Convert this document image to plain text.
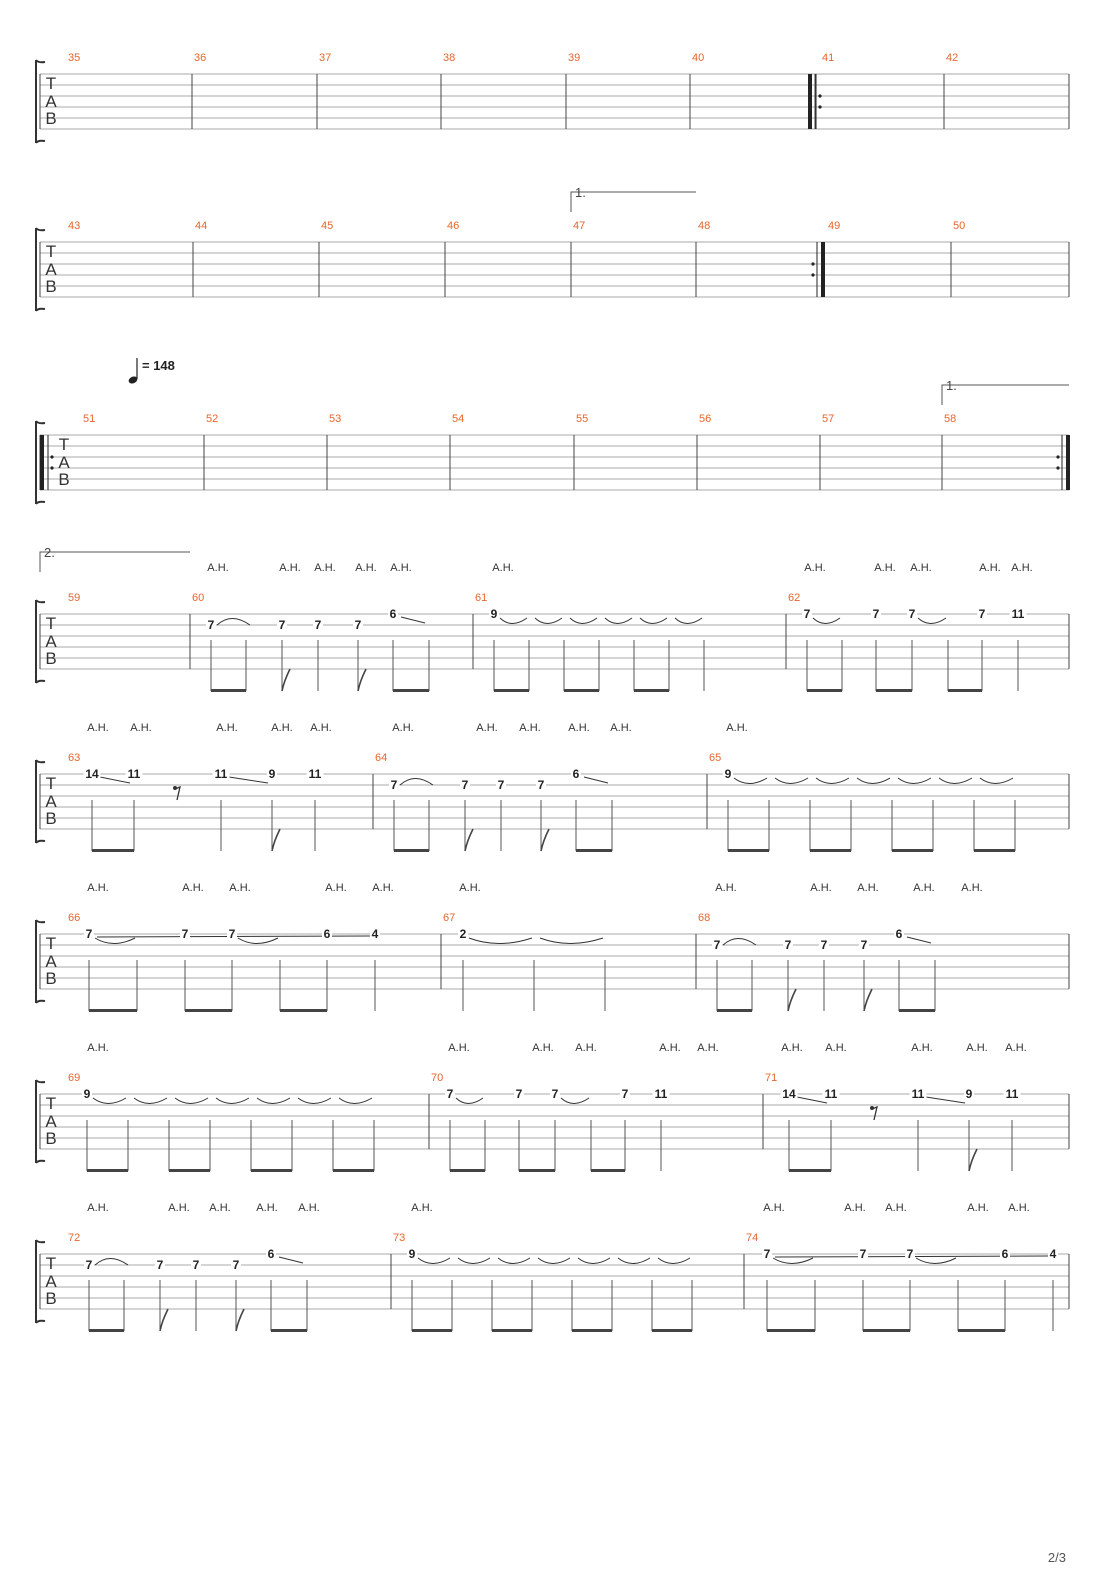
T
A
B
35	36	37	38	39	40	41	42
T
A
B
43	44	45	46	47	48	49	50
T
A
B
51	52	53	54	55	56	57	58
T
A
B
59	60	61	62
T
A
B
63	64	65
T
A
B
66	67	68
T
A
B
69	70	71
T
A
B
72	73	74
1.
1.
2.
= 148
A.H.	A.H. A.H. A.H. A.H.	A.H.	A.H.	A.H. A.H.	A.H. A.H.
A.H. A.H.	A.H.	A.H. A.H.	A.H.	A.H. A.H.	A.H. A.H.	A.H.
A.H.	A.H. A.H.	A.H. A.H.	A.H.	A.H.	A.H. A.H.	A.H. A.H.
A.H.	A.H.	A.H. A.H.	A.H. A.H.	A.H. A.H.	A.H.	A.H. A.H.
A.H.	A.H. A.H. A.H. A.H.	A.H.	A.H.	A.H. A.H.	A.H. A.H.
7	7 7	7
6	9	7	7 7	7 11
14 11	11	9	11
7	7 7	7
6	9
7	7	7	6	4	2
7	7 7	7
6
9	7	7 7	7 11	14 11	11	9	11
7	7 7	7
6	9	7	7	7	6	4
2/3
